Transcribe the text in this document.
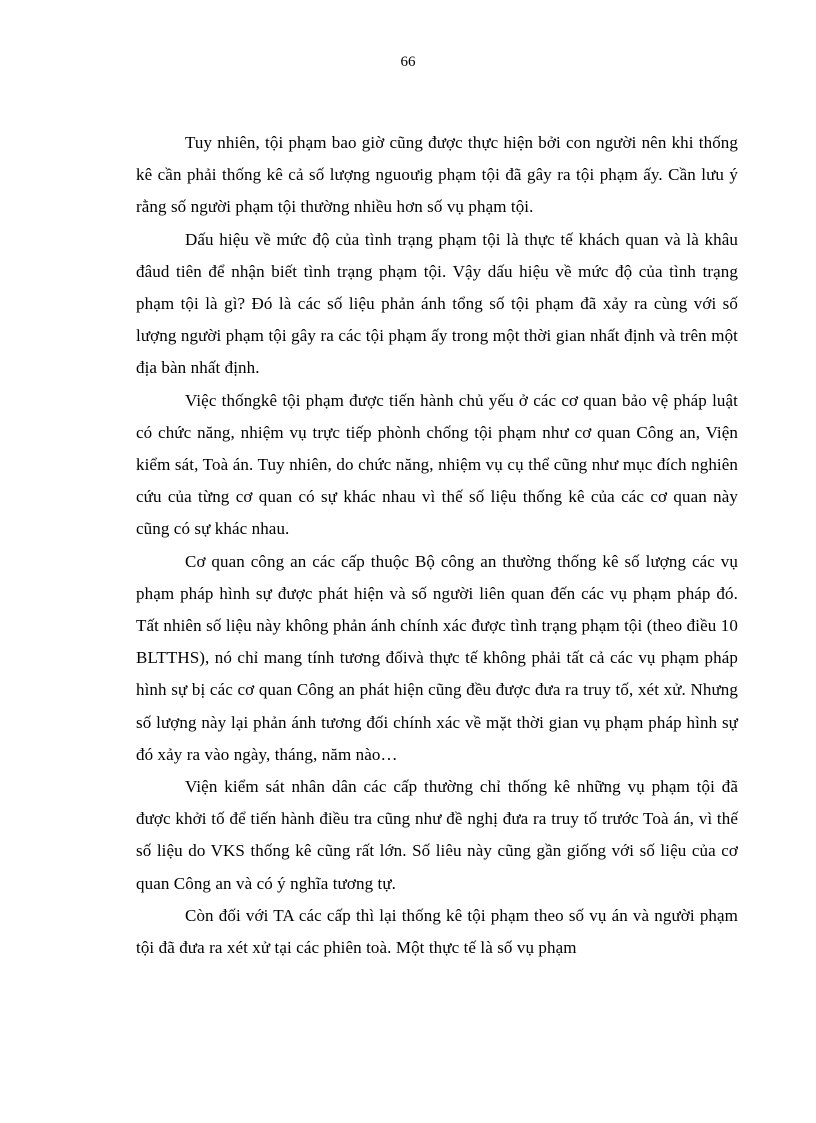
66

Tuy nhiên, tội phạm bao giờ cũng được thực hiện bởi con người nên khi thống kê cần phải thống kê cả số lượng nguoưig phạm tội đã gây ra tội phạm ấy. Cần lưu ý rằng số người phạm tội thường nhiều hơn số vụ phạm tội.

Dấu hiệu về mức độ của tình trạng phạm tội là thực tế khách quan và là khâu đâud tiên để nhận biết tình trạng phạm tội. Vậy dấu hiệu về mức độ của tình trạng phạm tội là gì? Đó là các số liệu phản ánh tổng số tội phạm đã xảy ra cùng với số lượng người phạm tội gây ra các tội phạm ấy trong một thời gian nhất định và trên một địa bàn nhất định.

Việc thốngkê tội phạm được tiến hành chủ yếu ở các cơ quan bảo vệ pháp luật có chức năng, nhiệm vụ trực tiếp phònh chống tội phạm như cơ quan Công an, Viện kiểm sát, Toà án. Tuy nhiên, do chức năng, nhiệm vụ cụ thể cũng như mục đích nghiên cứu của từng cơ quan có sự khác nhau vì thế số liệu thống kê của các cơ quan này cũng có sự khác nhau.

Cơ quan công an các cấp thuộc Bộ công an thường thống kê số lượng các vụ phạm pháp hình sự được phát hiện và số người liên quan đến các vụ phạm pháp đó. Tất nhiên số liệu này không phản ánh chính xác được tình trạng phạm tội (theo điều 10 BLTTHS), nó chỉ mang tính tương đốivà thực tế không phải tất cả các vụ phạm pháp hình sự bị các cơ quan Công an phát hiện cũng đều được đưa ra truy tố, xét xử. Nhưng số lượng này lại phản ánh tương đối chính xác về mặt thời gian vụ phạm pháp hình sự đó xảy ra vào ngày, tháng, năm nào…

Viện kiểm sát nhân dân các cấp thường chỉ thống kê những vụ phạm tội đã được khởi tố để tiến hành điều tra cũng như đề nghị đưa ra truy tố trước Toà án, vì thế số liệu do VKS thống kê cũng rất lớn. Số liêu này cũng gần giống với số liệu của cơ quan Công an và có ý nghĩa tương tự.

Còn đối với TA các cấp thì lại thống kê tội phạm theo số vụ án và người phạm tội đã đưa ra xét xử tại các phiên toà. Một thực tế là số vụ phạm
